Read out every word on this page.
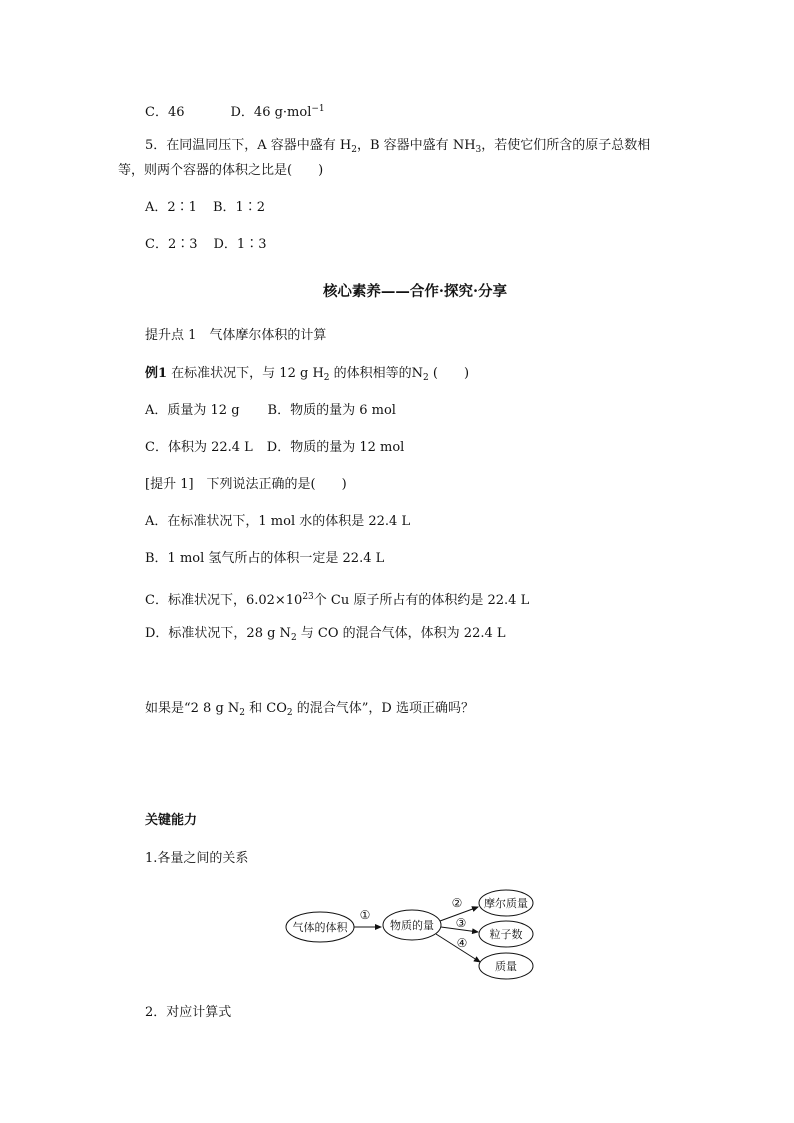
C．46	D．46 g·mol$^{-1}$
5．在同温同压下，A 容器中盛有 $H_2$，B 容器中盛有 $NH_3$，若使它们所含的原子总数相
等，则两个容器的体积之比是(　　)
A．2∶1 B．1∶2
C．2∶3 D．1∶3
核心素养——合作·探究·分享
提升点 1　气体摩尔体积的计算
例1 在标准状况下，与 12 g $H_2$ 的体积相等的$N_2$ (　　)
A．质量为 12 g B．物质的量为 6 mol
C．体积为 22.4 L D．物质的量为 12 mol
[提升 1]　下列说法正确的是(　　)
A．在标准状况下，1 mol 水的体积是 22.4 L
B．1 mol 氢气所占的体积一定是 22.4 L
C．标准状况下，$6.02\times 10^{23}$个 Cu 原子所占有的体积约是 22.4 L
D．标准状况下，28 g $N_2$ 与 CO 的混合气体，体积为 22.4 L
如果是“2 8 g $N_2$ 和 $CO_2$ 的混合气体”，D 选项正确吗？
关键能力
1.各量之间的关系
气体的体积	物质的量
摩尔质量
粒子数
质量
①
②
③
④
2．对应计算式
